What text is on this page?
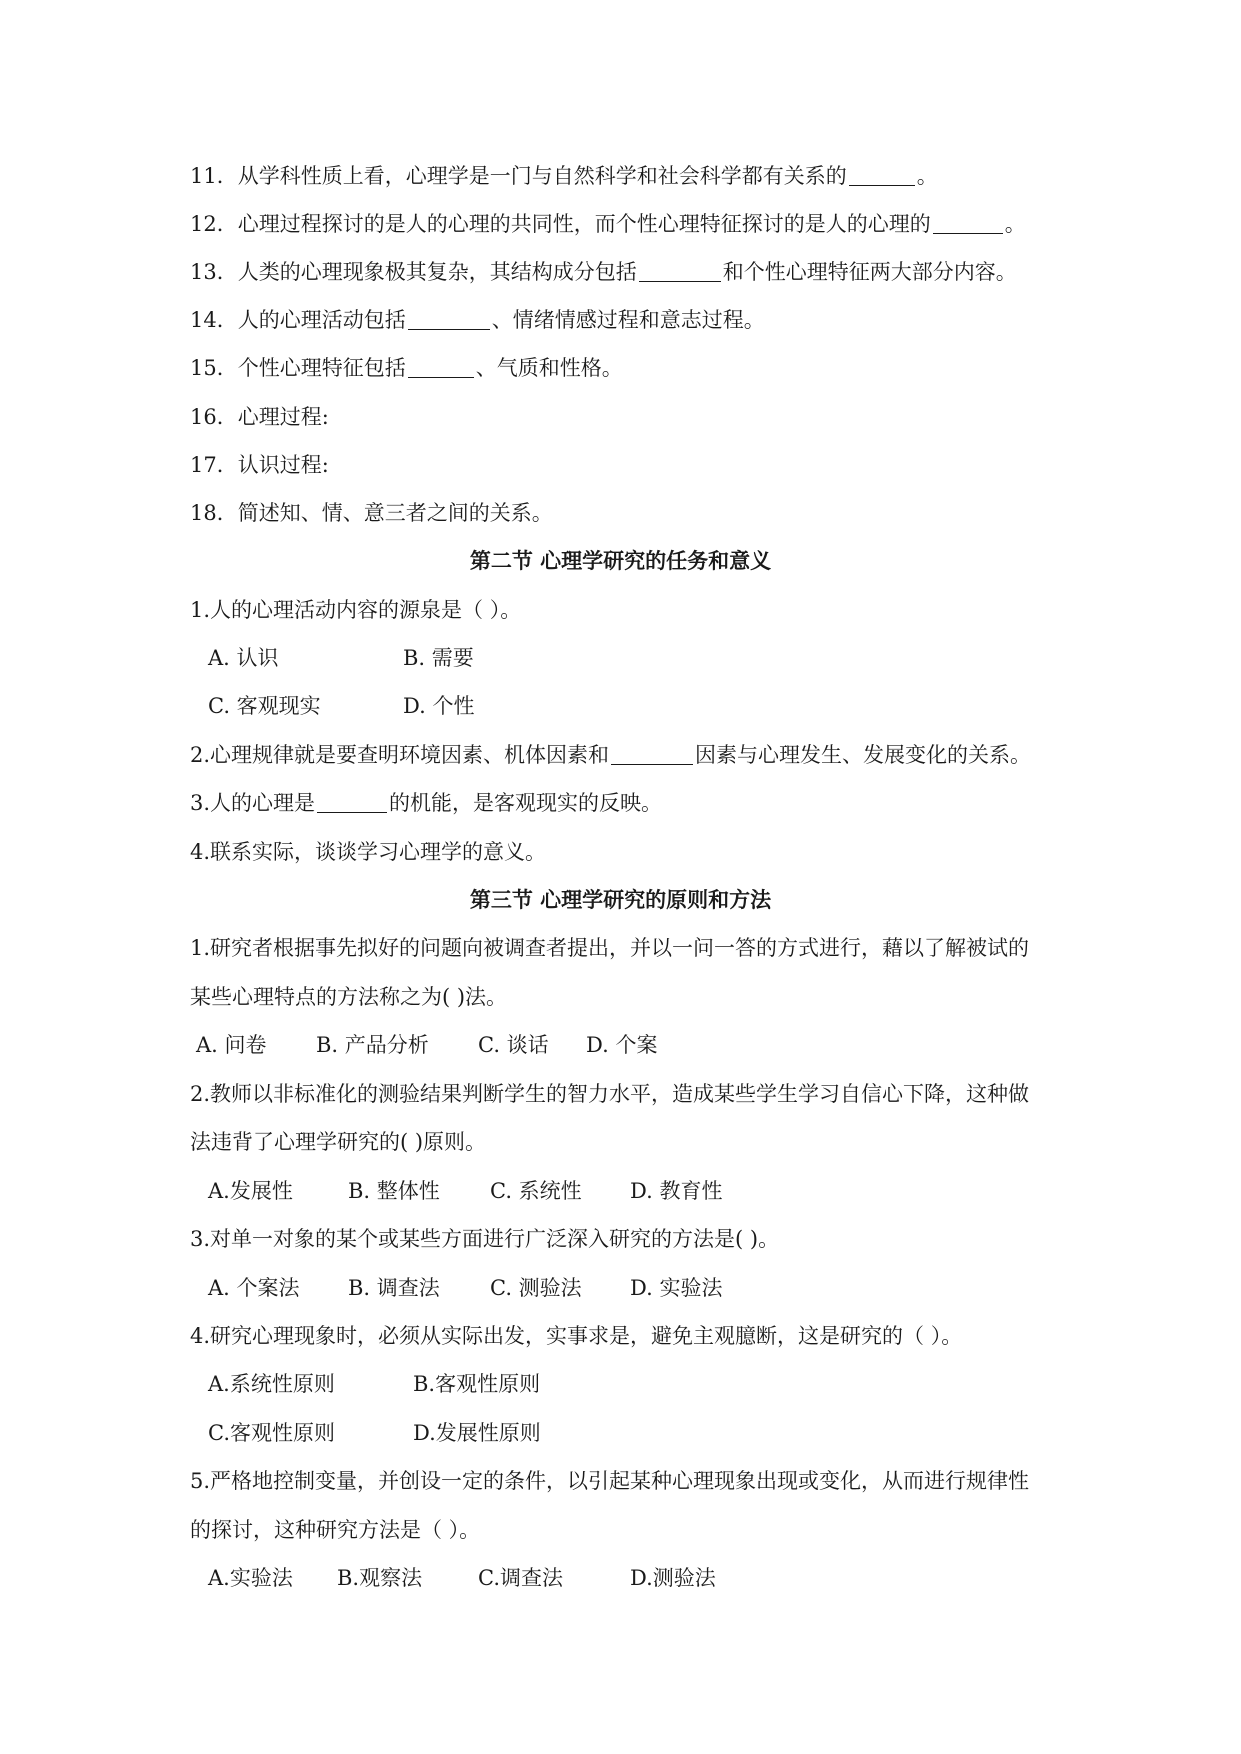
11．从学科性质上看，心理学是一门与自然科学和社会科学都有关系的	。
12．心理过程探讨的是人的心理的共同性，而个性心理特征探讨的是人的心理的	。
13．人类的心理现象极其复杂，其结构成分包括	和个性心理特征两大部分内容。
14．人的心理活动包括	、情绪情感过程和意志过程。
15．个性心理特征包括	、气质和性格。
16．心理过程:
17．认识过程:
18．简述知、情、意三者之间的关系。
第二节 心理学研究的任务和意义
1.人的心理活动内容的源泉是（ ）。
A. 认识	B. 需要
C. 客观现实	D. 个性
2.心理规律就是要查明环境因素、机体因素和	因素与心理发生、发展变化的关系。
3.人的心理是	的机能，是客观现实的反映。
4.联系实际，谈谈学习心理学的意义。
第三节 心理学研究的原则和方法
1.研究者根据事先拟好的问题向被调查者提出，并以一问一答的方式进行，藉以了解被试的
某些心理特点的方法称之为( )法。
A. 问卷 B. 产品分析 C. 谈话 D. 个案
2.教师以非标准化的测验结果判断学生的智力水平，造成某些学生学习自信心下降，这种做
法违背了心理学研究的( )原则。
A.发展性	B. 整体性 C. 系统性 D. 教育性
3.对单一对象的某个或某些方面进行广泛深入研究的方法是( )。
A. 个案法 B. 调查法 C. 测验法 D. 实验法
4.研究心理现象时，必须从实际出发，实事求是，避免主观臆断，这是研究的（ ）。
A.系统性原则	B.客观性原则
C.客观性原则	D.发展性原则
5.严格地控制变量，并创设一定的条件，以引起某种心理现象出现或变化，从而进行规律性
的探讨，这种研究方法是（ ）。
A.实验法 B.观察法	C.调查法	D.测验法
